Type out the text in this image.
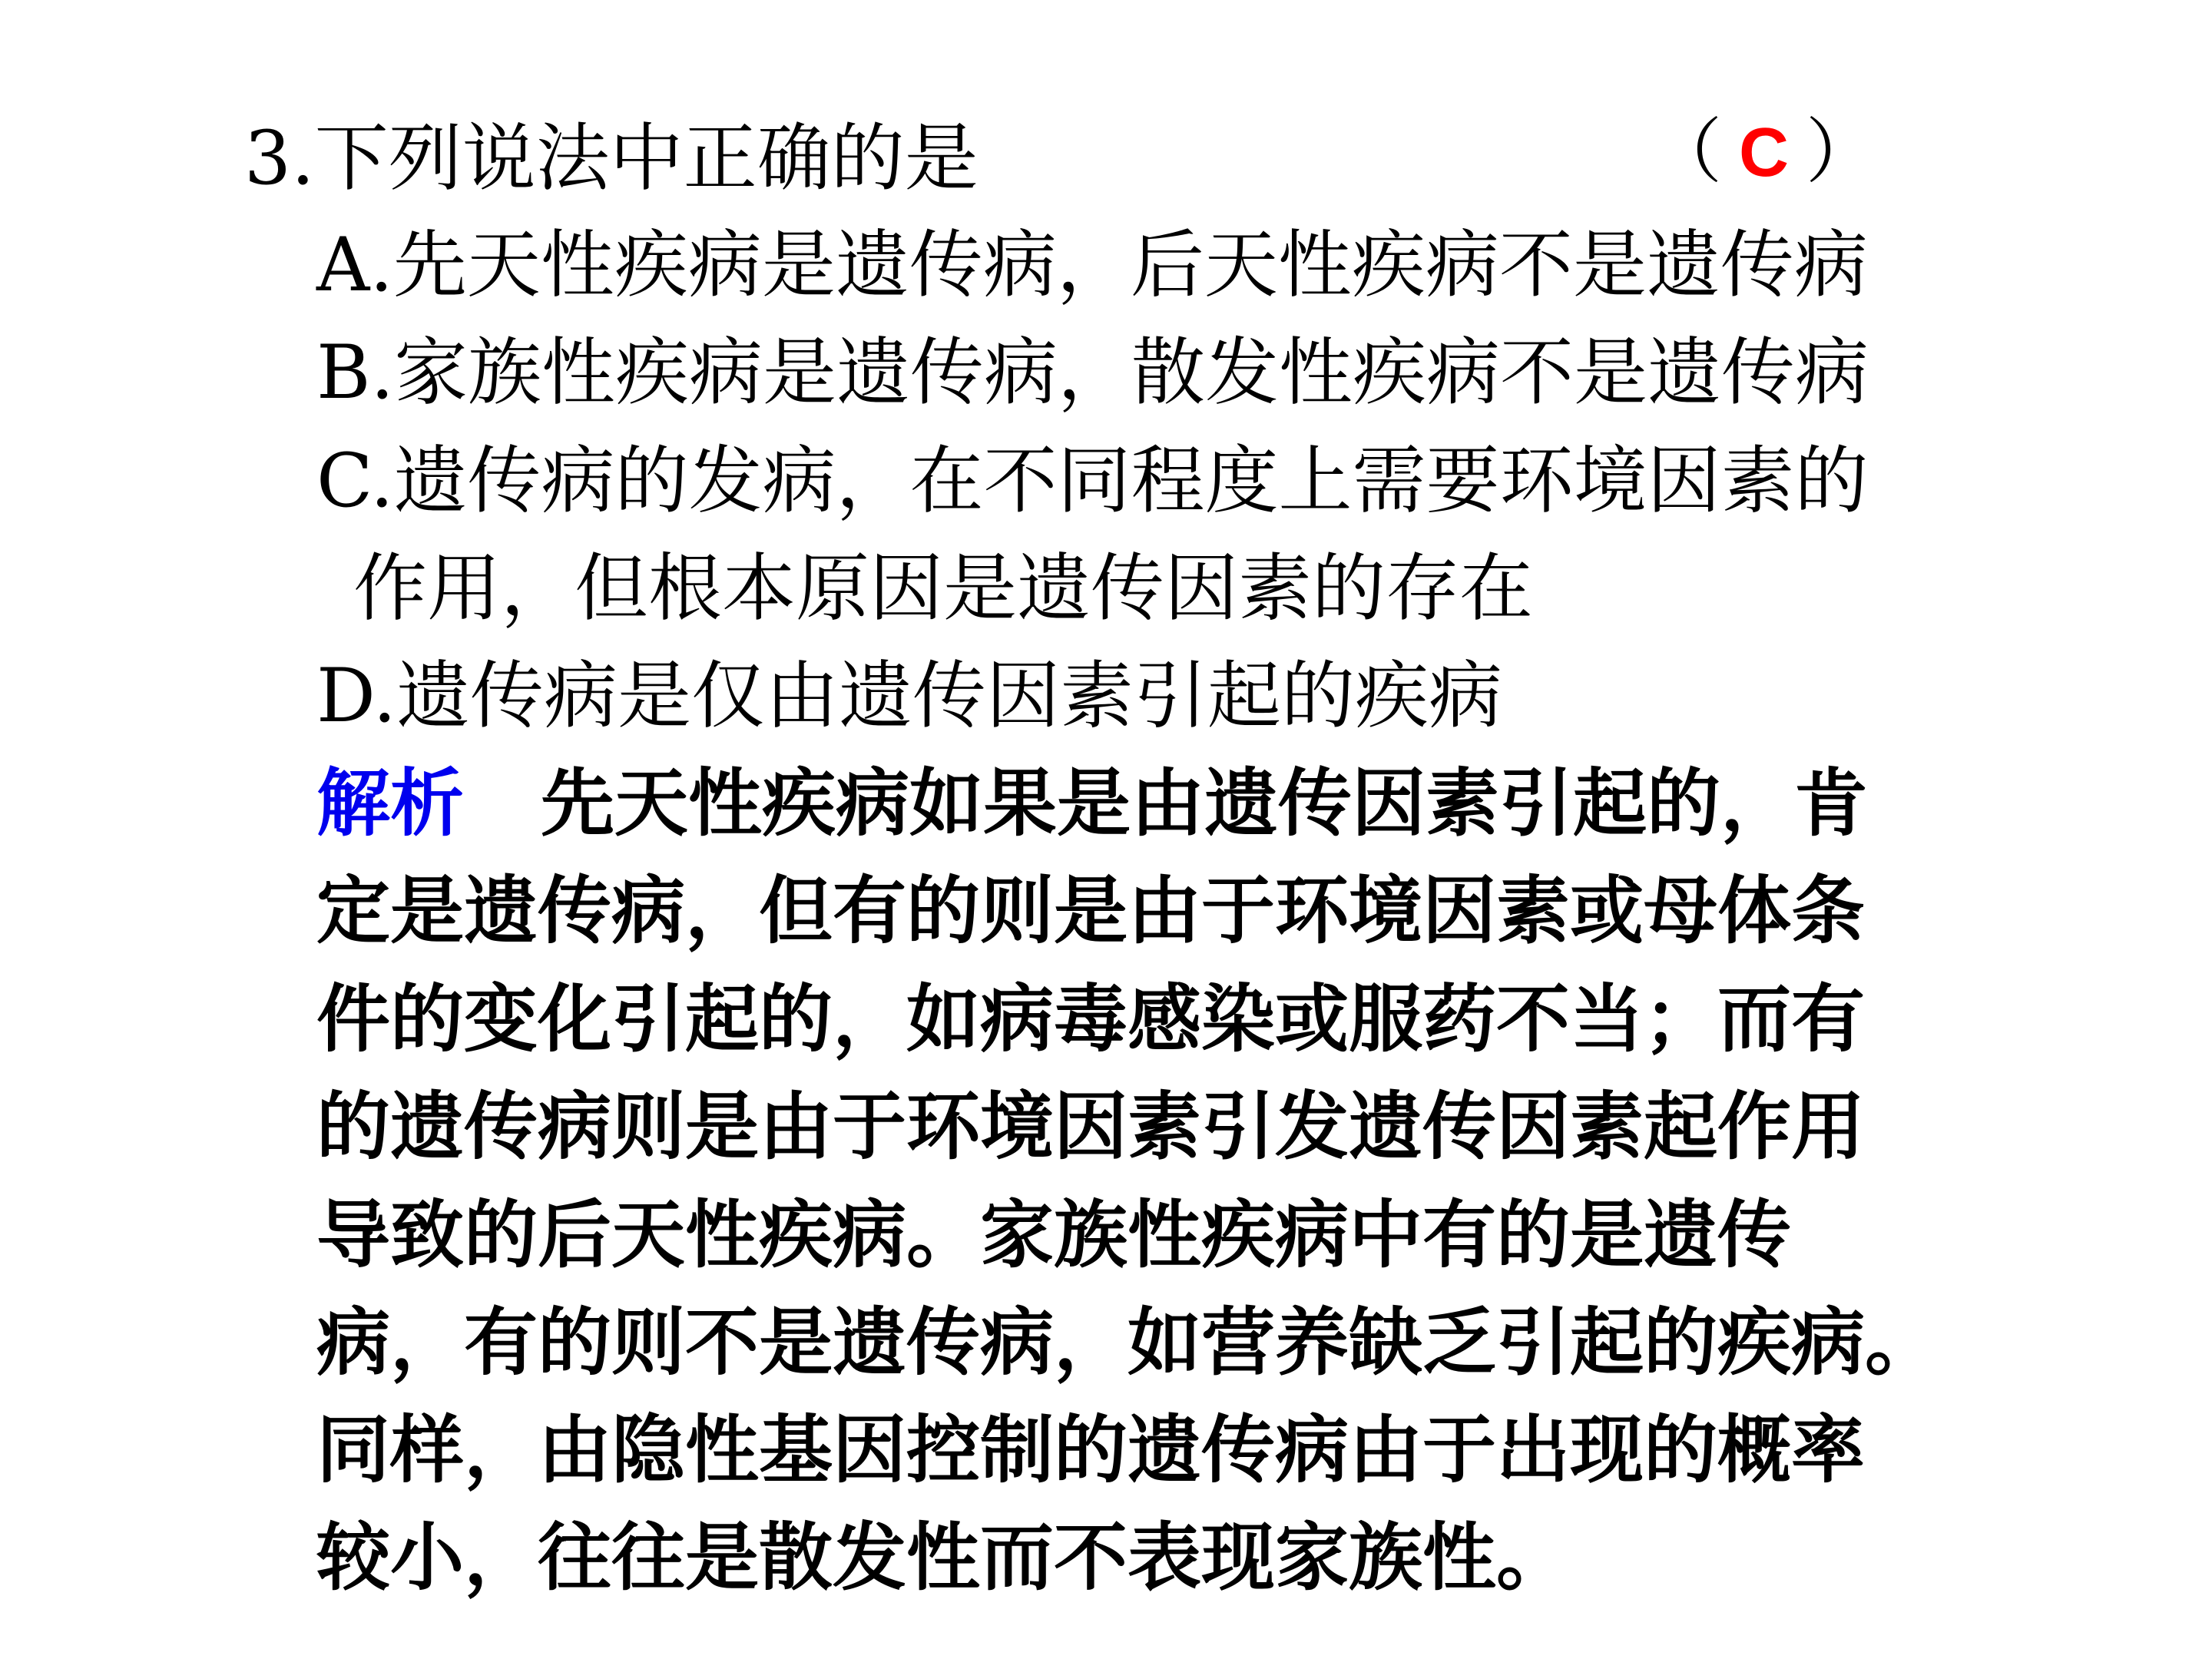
3.下列说法中正确的是	（ C ）
A.先天性疾病是遗传病，后天性疾病不是遗传病
B.家族性疾病是遗传病，散发性疾病不是遗传病
C.遗传病的发病，在不同程度上需要环境因素的
作用，但根本原因是遗传因素的存在
D.遗传病是仅由遗传因素引起的疾病
解析 先天性疾病如果是由遗传因素引起的，肯
定是遗传病，但有的则是由于环境因素或母体条
件的变化引起的，如病毒感染或服药不当；而有
的遗传病则是由于环境因素引发遗传因素起作用
导致的后天性疾病。家族性疾病中有的是遗传
病，有的则不是遗传病，如营养缺乏引起的疾病。
同样，由隐性基因控制的遗传病由于出现的概率
较小，往往是散发性而不表现家族性。
